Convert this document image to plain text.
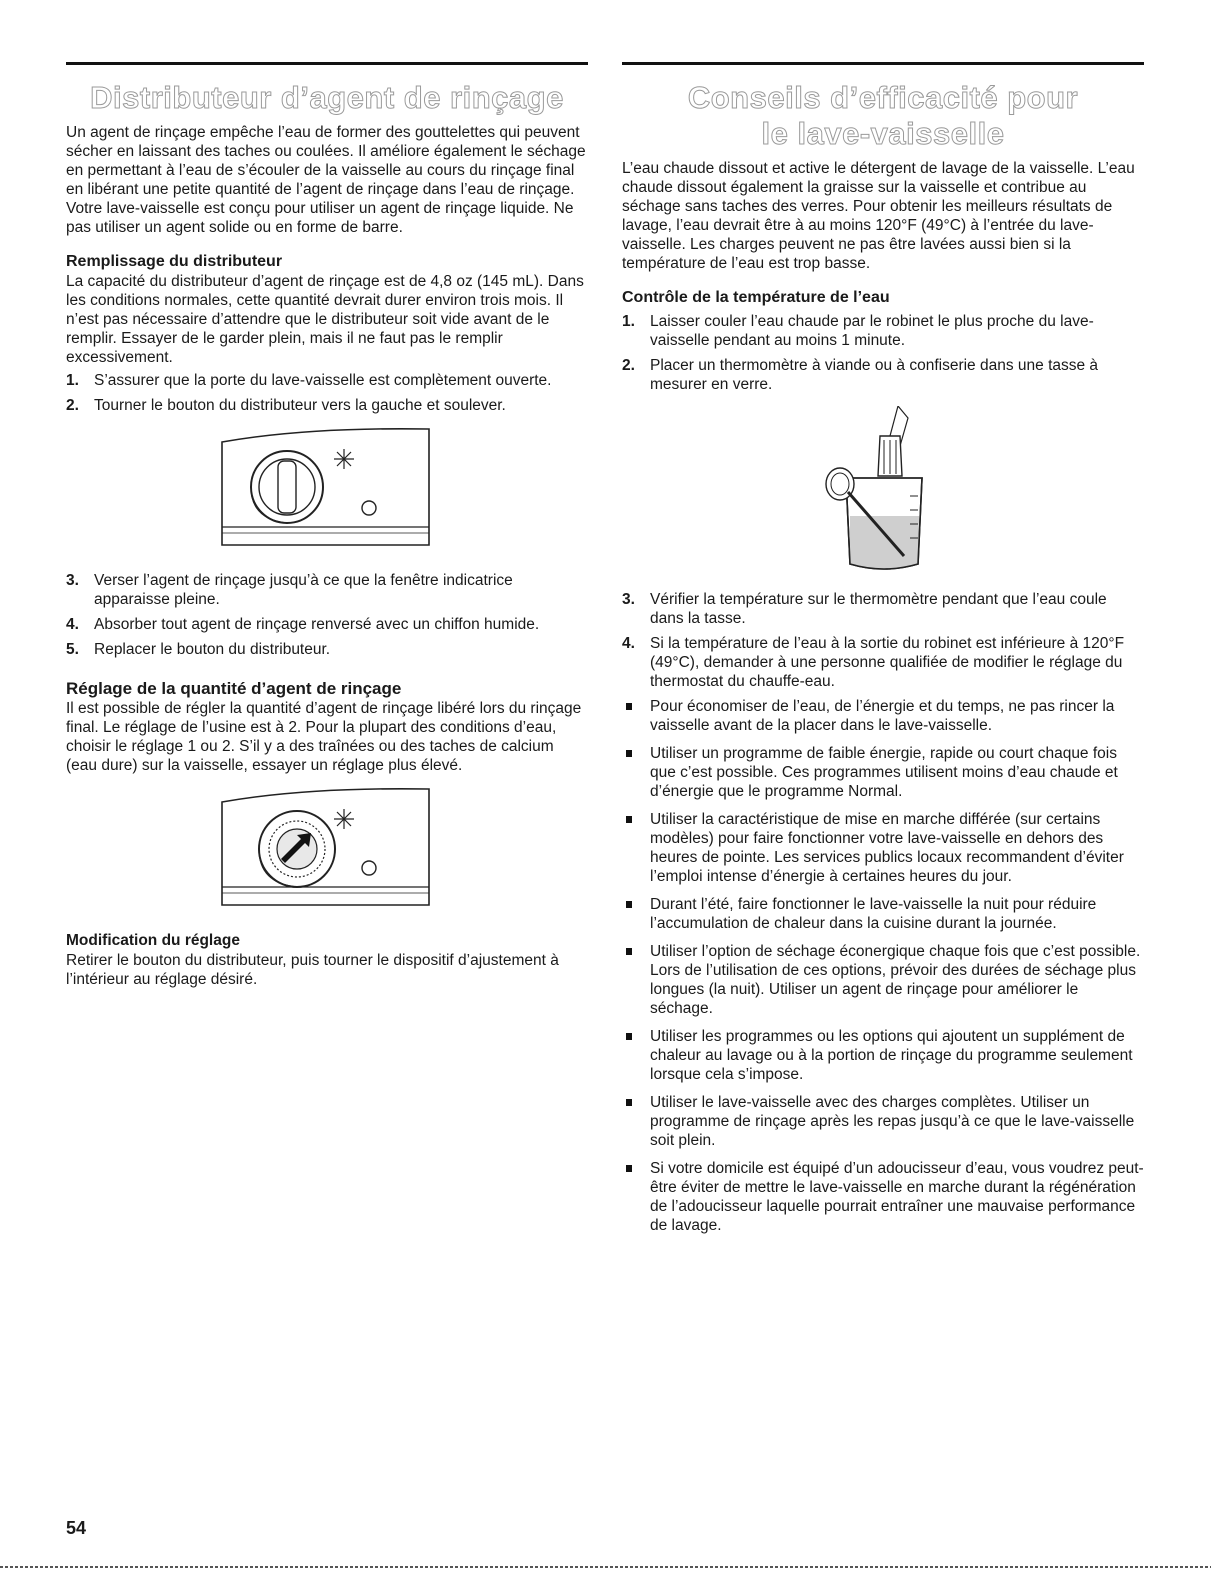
Distributeur d’agent de rinçage

Un agent de rinçage empêche l’eau de former des gouttelettes qui peuvent sécher en laissant des taches ou coulées. Il améliore également le séchage en permettant à l’eau de s’écouler de la vaisselle au cours du rinçage final en libérant une petite quantité de l’agent de rinçage dans l’eau de rinçage. Votre lave-vaisselle est conçu pour utiliser un agent de rinçage liquide. Ne pas utiliser un agent solide ou en forme de barre.

Remplissage du distributeur

La capacité du distributeur d’agent de rinçage est de 4,8 oz (145 mL). Dans les conditions normales, cette quantité devrait durer environ trois mois. Il n’est pas nécessaire d’attendre que le distributeur soit vide avant de le remplir. Essayer de le garder plein, mais il ne faut pas le remplir excessivement.

1. S’assurer que la porte du lave-vaisselle est complètement ouverte.
2. Tourner le bouton du distributeur vers la gauche et soulever.
3. Verser l’agent de rinçage jusqu’à ce que la fenêtre indicatrice apparaisse pleine.
4. Absorber tout agent de rinçage renversé avec un chiffon humide.
5. Replacer le bouton du distributeur.
Réglage de la quantité d’agent de rinçage

Il est possible de régler la quantité d’agent de rinçage libéré lors du rinçage final. Le réglage de l’usine est à 2. Pour la plupart des conditions d’eau, choisir le réglage 1 ou 2. S’il y a des traînées ou des taches de calcium (eau dure) sur la vaisselle, essayer un réglage plus élevé.

Modification du réglage

Retirer le bouton du distributeur, puis tourner le dispositif d’ajustement à l’intérieur au réglage désiré.

Conseils d’efficacité pour
le lave-vaisselle

L’eau chaude dissout et active le détergent de lavage de la vaisselle. L’eau chaude dissout également la graisse sur la vaisselle et contribue au séchage sans taches des verres. Pour obtenir les meilleurs résultats de lavage, l’eau devrait être à au moins 120°F (49°C) à l’entrée du lave-vaisselle. Les charges peuvent ne pas être lavées aussi bien si la température de l’eau est trop basse.

Contrôle de la température de l’eau
1. Laisser couler l’eau chaude par le robinet le plus proche du lave-vaisselle pendant au moins 1 minute.
2. Placer un thermomètre à viande ou à confiserie dans une tasse à mesurer en verre.
3. Vérifier la température sur le thermomètre pendant que l’eau coule dans la tasse.
4. Si la température de l’eau à la sortie du robinet est inférieure à 120°F (49°C), demander à une personne qualifiée de modifier le réglage du thermostat du chauffe-eau.
Pour économiser de l’eau, de l’énergie et du temps, ne pas rincer la vaisselle avant de la placer dans le lave-vaisselle.
Utiliser un programme de faible énergie, rapide ou court chaque fois que c’est possible. Ces programmes utilisent moins d’eau chaude et d’énergie que le programme Normal.
Utiliser la caractéristique de mise en marche différée (sur certains modèles) pour faire fonctionner votre lave-vaisselle en dehors des heures de pointe. Les services publics locaux recommandent d’éviter l’emploi intense d’énergie à certaines heures du jour.
Durant l’été, faire fonctionner le lave-vaisselle la nuit pour réduire l’accumulation de chaleur dans la cuisine durant la journée.
Utiliser l’option de séchage éconergique chaque fois que c’est possible. Lors de l’utilisation de ces options, prévoir des durées de séchage plus longues (la nuit). Utiliser un agent de rinçage pour améliorer le séchage.
Utiliser les programmes ou les options qui ajoutent un supplément de chaleur au lavage ou à la portion de rinçage du programme seulement lorsque cela s’impose.
Utiliser le lave-vaisselle avec des charges complètes. Utiliser un programme de rinçage après les repas jusqu’à ce que le lave-vaisselle soit plein.
Si votre domicile est équipé d’un adoucisseur d’eau, vous voudrez peut-être éviter de mettre le lave-vaisselle en marche durant la régénération de l’adoucisseur laquelle pourrait entraîner une mauvaise performance de lavage.
54
